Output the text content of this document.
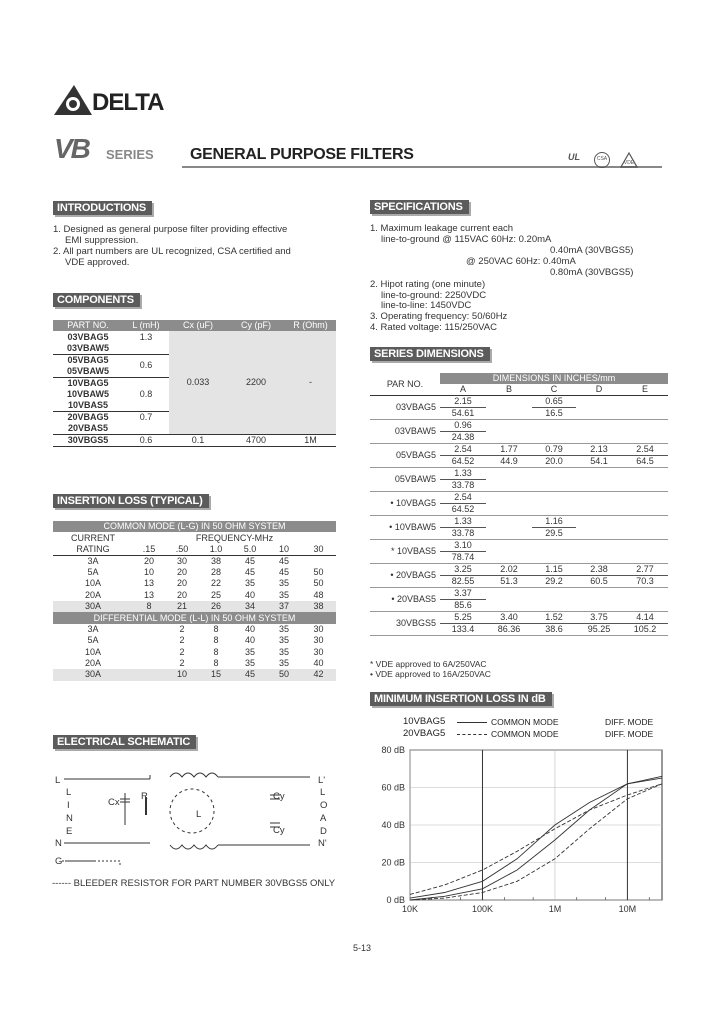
DELTA
VB SERIES GENERAL PURPOSE FILTERS	UL	CSA
VDE
INTRODUCTIONS
1. Designed as general purpose filter providing effective
EMI suppression.
2. All part numbers are UL recognized, CSA certified and
VDE approved.
COMPONENTS
PART NO.	L (mH)	Cx (uF)	Cy (pF)	R (Ohm)
03VBAG5	1.3	0.033	2200	-
03VBAW5				
05VBAG5	0.6			
05VBAW5				
10VBAG5				
10VBAW5	0.8			
10VBAS5				
20VBAG5	0.7			
20VBAS5				
30VBGS5	0.6	0.1	4700	1M
INSERTION LOSS (TYPICAL)
COMMON MODE (L-G) IN 50 OHM SYSTEM						
CURRENT	FREQUENCY-MHz					
RATING	.15	.50	1.0	5.0	10	30
3A	20	30	38	45	45	
5A	10	20	28	45	45	50
10A	13	20	22	35	35	50
20A	13	20	25	40	35	48
30A	8	21	26	34	37	38
DIFFERENTIAL MODE (L-L) IN 50 OHM SYSTEM						
3A		2	8	40	35	30
5A		2	8	40	35	30
10A		2	8	35	35	30
20A		2	8	35	35	40
30A		10	15	45	50	42
ELECTRICAL SCHEMATIC
L
L
I
N
E
N
G
Cx
R
L
Cy
Cy
L'
L
O
A
D
N'
------ BLEEDER RESISTOR FOR PART NUMBER 30VBGS5 ONLY
SPECIFICATIONS
1. Maximum leakage current each
line-to-ground @ 115VAC 60Hz: 0.20mA
0.40mA (30VBGS5)
@ 250VAC 60Hz: 0.40mA
0.80mA (30VBGS5)
2. Hipot rating (one minute)
line-to-ground: 2250VDC
line-to-line: 1450VDC
3. Operating frequency: 50/60Hz
4. Rated voltage: 115/250VAC
SERIES DIMENSIONS
PAR NO.	DIMENSIONS IN INCHES/mm				
	A	B	C	D	E
03VBAG5	2.15		0.65		
	54.61		16.5		
03VBAW5	0.96				
	24.38				
05VBAG5	2.54	1.77	0.79	2.13	2.54
	64.52	44.9	20.0	54.1	64.5
05VBAW5	1.33				
	33.78				
• 10VBAG5	2.54				
	64.52				
• 10VBAW5	1.33		1.16		
	33.78		29.5		
* 10VBAS5	3.10				
	78.74				
• 20VBAG5	3.25	2.02	1.15	2.38	2.77
	82.55	51.3	29.2	60.5	70.3
• 20VBAS5	3.37				
	85.6				
30VBGS5	5.25	3.40	1.52	3.75	4.14
	133.4	86.36	38.6	95.25	105.2
* VDE approved to 6A/250VAC
• VDE approved to 16A/250VAC
MINIMUM INSERTION LOSS IN dB
10VBAG5	COMMON MODE	DIFF. MODE
20VBAG5	COMMON MODE	DIFF. MODE
0 dB
20 dB
40 dB
60 dB
80 dB
10K	100K	1M	10M
5-13
